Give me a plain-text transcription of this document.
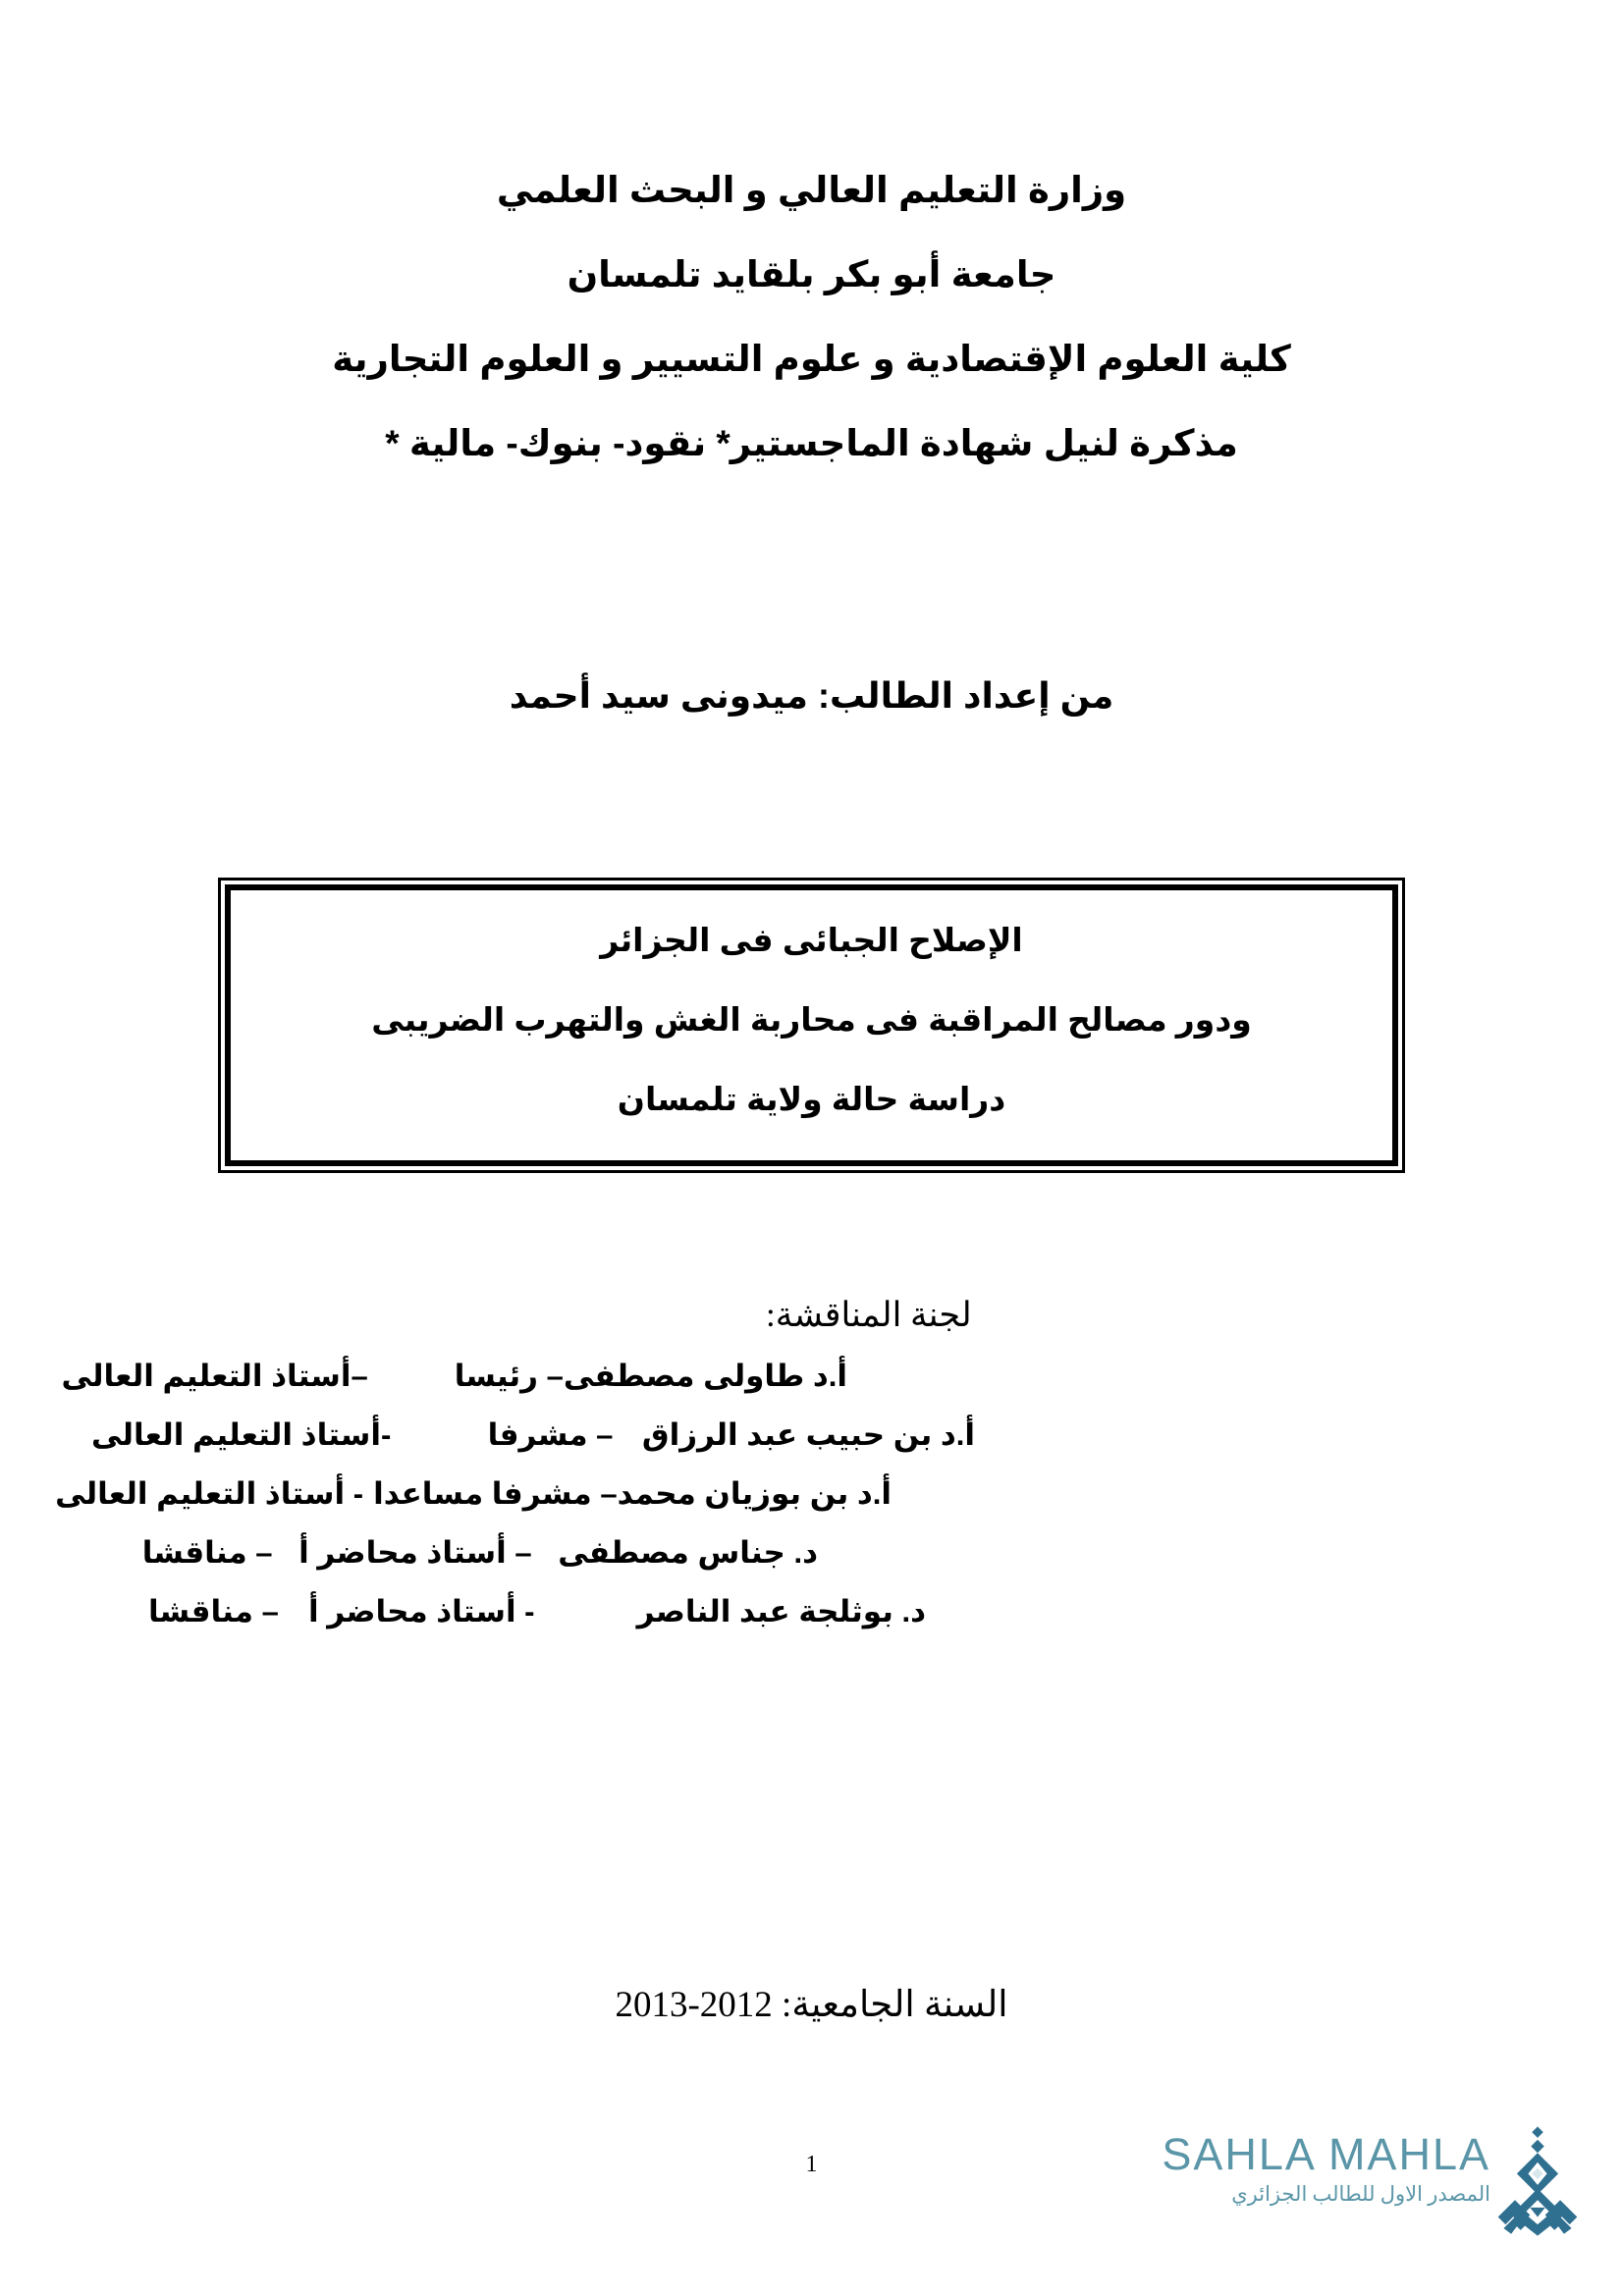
وزارة التعليم العالي و البحث العلمي
جامعة أبو بكر بلقايد تلمسان
كلية العلوم الإقتصادية و علوم التسيير و العلوم التجارية
مذكرة لنيل شهادة الماجستير* نقود- بنوك- مالية *
من إعداد الطالب: ميدونى سيد أحمد
الإصلاح الجبائى فى الجزائر
ودور مصالح المراقبة فى محاربة الغش والتهرب الضريبى
دراسة حالة ولاية تلمسان
لجنة المناقشة:
أ.د طاولى مصطفى
– رئيسا
–أستاذ التعليم العالى
أ.د بن حبيب عبد الرزاق
– مشرفا
-أستاذ التعليم العالى
أ.د بن بوزيان محمد
– مشرفا مساعدا
- أستاذ التعليم العالى
د. جناس مصطفى
– أستاذ محاضر أ
– مناقشا
د. بوثلجة عبد الناصر
- أستاذ محاضر أ
– مناقشا
السنة الجامعية: 2012-2013
1	SAHLA MAHLA
المصدر الاول للطالب الجزائري
